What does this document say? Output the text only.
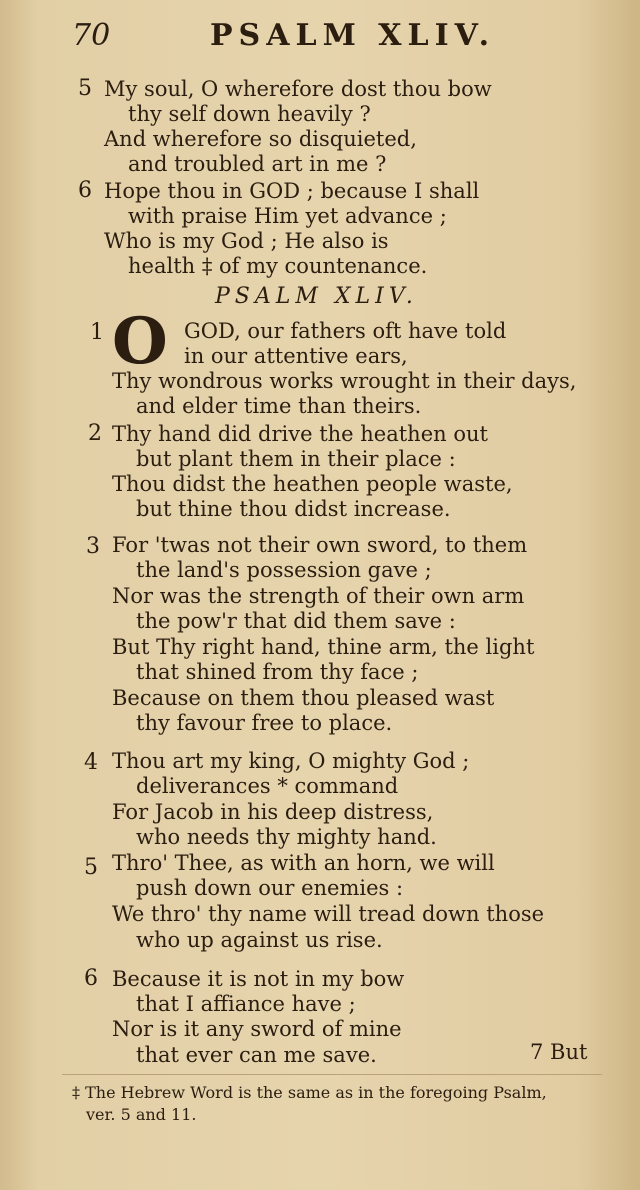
70	PSALM XLIV.
5 My soul, O wherefore dost thou bow
thy self down heavily ?
And wherefore so disquieted,
and troubled art in me ?
6 Hope thou in GOD ; because I shall
with praise Him yet advance ;
Who is my God ; He also is
health ‡ of my countenance.
PSALM XLIV.
1 O GOD, our fathers oft have told
in our attentive ears,
Thy wondrous works wrought in their days,
and elder time than theirs.
2 Thy hand did drive the heathen out
but plant them in their place :
Thou didst the heathen people waste,
but thine thou didst increase.
3 For 'twas not their own sword, to them
the land's possession gave ;
Nor was the strength of their own arm
the pow'r that did them save :
But Thy right hand, thine arm, the light
that shined from thy face ;
Because on them thou pleased wast
thy favour free to place.
4 Thou art my king, O mighty God ;
deliverances * command
For Jacob in his deep distress,
who needs thy mighty hand.
5 Thro' Thee, as with an horn, we will
push down our enemies :
We thro' thy name will tread down those
who up against us rise.
6 Because it is not in my bow
that I affiance have ;
Nor is it any sword of mine
that ever can me save.	7 But
‡ The Hebrew Word is the same as in the foregoing Psalm,
ver. 5 and 11.
